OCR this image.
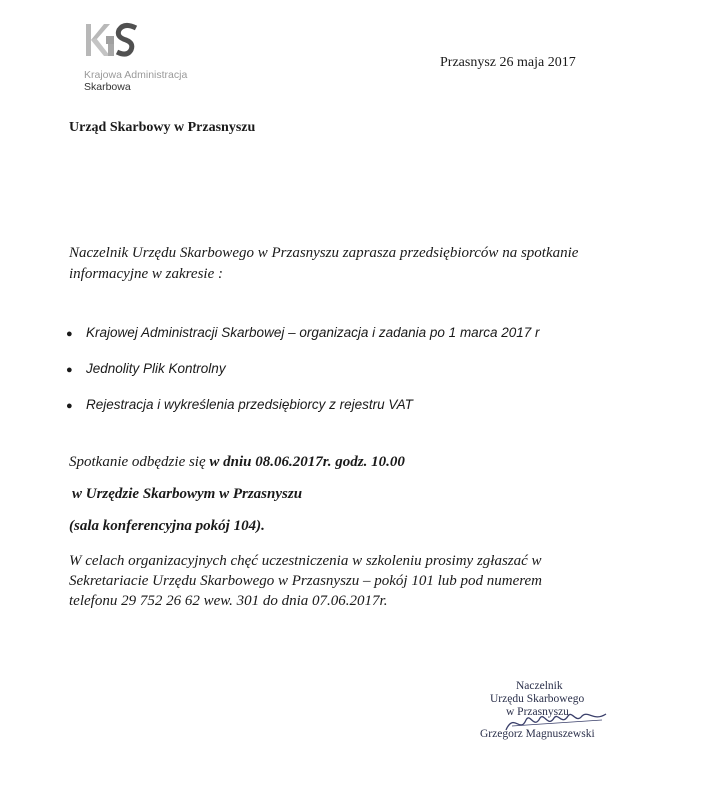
Krajowa Administracja
Skarbowa
Przasnysz 26 maja 2017
Urząd Skarbowy w Przasnyszu
Naczelnik Urzędu Skarbowego w Przasnyszu zaprasza przedsiębiorców na spotkanie informacyjne w zakresie :
● Krajowej Administracji Skarbowej – organizacja i zadania po 1 marca 2017 r
● Jednolity Plik Kontrolny
● Rejestracja i wykreślenia przedsiębiorcy z rejestru VAT
Spotkanie odbędzie się w dniu 08.06.2017r. godz. 10.00
w Urzędzie Skarbowym w Przasnyszu
(sala konferencyjna pokój 104).
W celach organizacyjnych chęć uczestniczenia w szkoleniu prosimy zgłaszać w Sekretariacie Urzędu Skarbowego w Przasnyszu – pokój 101 lub pod numerem telefonu 29 752 26 62 wew. 301 do dnia 07.06.2017r.
Naczelnik
Urzędu Skarbowego
w Przasnyszu
Grzegorz Magnuszewski
